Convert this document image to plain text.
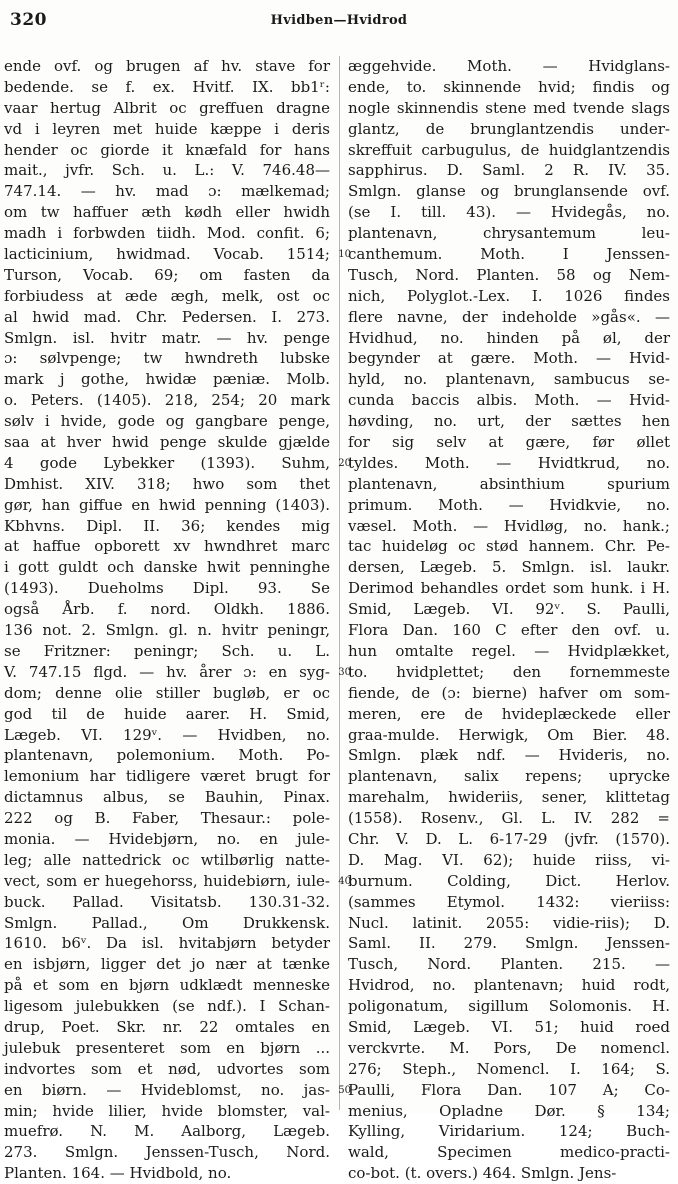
320	Hvidben—Hvidrod
ende ovf. og brugen af hv. stave for
bedende. se f. ex. Hvitf. IX. bb1ʳ:
vaar hertug Albrit oc greffuen dragne
vd i leyren met huide kæppe i deris
hender oc giorde it knæfald for hans
mait., jvfr. Sch. u. L.: V. 746.48—
747.14. — hv. mad ɔ: mælkemad;
om tw haffuer æth kødh eller hwidh
madh i forbwden tiidh. Mod. confit. 6;
lacticinium, hwidmad. Vocab. 1514;
Turson, Vocab. 69; om fasten da
forbiudess at æde ægh, melk, ost oc
al hwid mad. Chr. Pedersen. I. 273.
Smlgn. isl. hvitr matr. — hv. penge
ɔ: sølvpenge; tw hwndreth lubske
mark j gothe, hwidæ pæniæ. Molb.
o. Peters. (1405). 218, 254; 20 mark
sølv i hvide, gode og gangbare penge,
saa at hver hwid penge skulde gjælde
4 gode Lybekker (1393). Suhm,
Dmhist. XIV. 318; hwo som thet
gør, han giffue en hwid penning (1403).
Kbhvns. Dipl. II. 36; kendes mig
at haffue opborett xv hwndhret marc
i gott guldt och danske hwit penninghe
(1493). Dueholms Dipl. 93. Se
også Årb. f. nord. Oldkh. 1886.
136 not. 2. Smlgn. gl. n. hvitr peningr,
se Fritzner: peningr; Sch. u. L.
V. 747.15 flgd. — hv. årer ɔ: en syg-
dom; denne olie stiller bugløb, er oc
god til de huide aarer. H. Smid,
Lægeb. VI. 129ᵛ. — Hvidben, no.
plantenavn, polemonium. Moth. Po-
lemonium har tidligere været brugt for
dictamnus albus, se Bauhin, Pinax.
222 og B. Faber, Thesaur.: pole-
monia. — Hvidebjørn, no. en jule-
leg; alle nattedrick oc wtilbørlig natte-
vect, som er huegehorss, huidebiørn, iule-
buck. Pallad. Visitatsb. 130.31-32.
Smlgn. Pallad., Om Drukkensk.
1610. b6ᵛ. Da isl. hvitabjørn betyder
en isbjørn, ligger det jo nær at tænke
på et som en bjørn udklædt menneske
ligesom julebukken (se ndf.). I Schan-
drup, Poet. Skr. nr. 22 omtales en
julebuk presenteret som en bjørn ...
indvortes som et nød, udvortes som
en biørn. — Hvideblomst, no. jas-
min; hvide lilier, hvide blomster, val-
muefrø. N. M. Aalborg, Lægeb.
273. Smlgn. Jenssen-Tusch, Nord.
Planten. 164. — Hvidbold, no.
æggehvide. Moth. — Hvidglans-
ende, to. skinnende hvid; findis og
nogle skinnendis stene med tvende slags
glantz, de brunglantzendis under-
skreffuit carbugulus, de huidglantzendis
sapphirus. D. Saml. 2 R. IV. 35.
Smlgn. glanse og brunglansende ovf.
(se I. till. 43). — Hvidegås, no.
plantenavn, chrysantemum leu-
canthemum. Moth. I Jenssen-
Tusch, Nord. Planten. 58 og Nem-
nich, Polyglot.-Lex. I. 1026 findes
flere navne, der indeholde »gås«. —
Hvidhud, no. hinden på øl, der
begynder at gære. Moth. — Hvid-
hyld, no. plantenavn, sambucus se-
cunda baccis albis. Moth. — Hvid-
høvding, no. urt, der sættes hen
for sig selv at gære, før øllet
tyldes. Moth. — Hvidtkrud, no.
plantenavn, absinthium spurium
primum. Moth. — Hvidkvie, no.
væsel. Moth. — Hvidløg, no. hank.;
tac huideløg oc stød hannem. Chr. Pe-
dersen, Lægeb. 5. Smlgn. isl. laukr.
Derimod behandles ordet som hunk. i H.
Smid, Lægeb. VI. 92ᵛ. S. Paulli,
Flora Dan. 160 C efter den ovf. u.
hun omtalte regel. — Hvidplækket,
to. hvidplettet; den fornemmeste
fiende, de (ɔ: bierne) hafver om som-
meren, ere de hvideplæckede eller
graa-mulde. Herwigk, Om Bier. 48.
Smlgn. plæk ndf. — Hvideris, no.
plantenavn, salix repens; uprycke
marehalm, hwideriis, sener, klittetag
(1558). Rosenv., Gl. L. IV. 282 =
Chr. V. D. L. 6-17-29 (jvfr. (1570).
D. Mag. VI. 62); huide riiss, vi-
burnum. Colding, Dict. Herlov.
(sammes Etymol. 1432: vieriiss:
Nucl. latinit. 2055: vidie-riis); D.
Saml. II. 279. Smlgn. Jenssen-
Tusch, Nord. Planten. 215. —
Hvidrod, no. plantenavn; huid rodt,
poligonatum, sigillum Solomonis. H.
Smid, Lægeb. VI. 51; huid roed
verckvrte. M. Pors, De nomencl.
276; Steph., Nomencl. I. 164; S.
Paulli, Flora Dan. 107 A; Co-
menius, Opladne Dør. § 134;
Kylling, Viridarium. 124; Buch-
wald, Specimen medico-practi-
co-bot. (t. overs.) 464. Smlgn. Jens-
10
20
30
40
50
